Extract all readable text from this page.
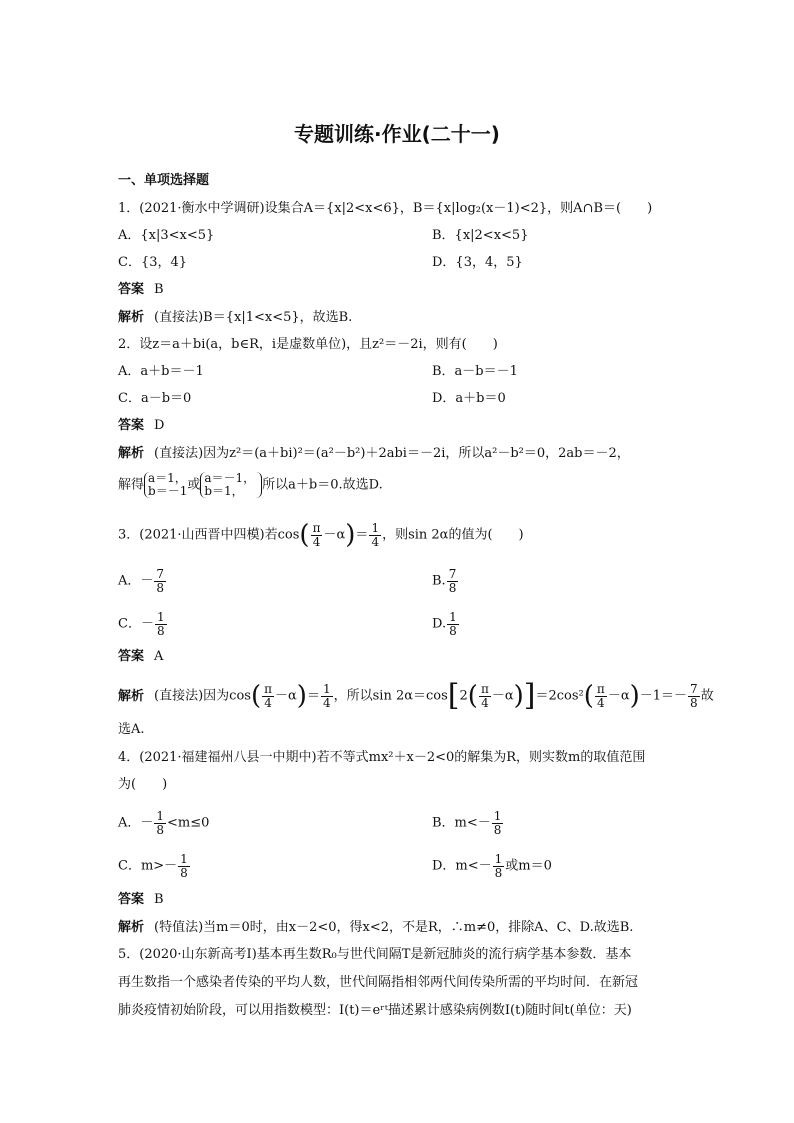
专题训练·作业(二十一)
一、单项选择题
1．(2021·衡水中学调研)设集合A＝{x|2<x<6}，B＝{x|log₂(x－1)<2}，则A∩B＝(　　)
A．{x|3<x<5}	B．{x|2<x<5}
C．{3，4}	D．{3，4，5}
答案 B
解析 (直接法)B＝{x|1<x<5}，故选B.
2．设z＝a＋bi(a，b∈R，i是虚数单位)，且z²＝－2i，则有(　　)
A．a＋b＝－1	B．a－b＝－1
C．a－b＝0	D．a＋b＝0
答案 D
解析 (直接法)因为z²＝(a＋bi)²＝(a²－b²)＋2abi＝－2i，所以a²－b²＝0，2ab＝－2，
解得 a＝1，
b＝－1或 a＝－1，
b＝1， 所以a＋b＝0.故选D.
3．(2021·山西晋中四模)若$\cos( \frac{\pi}{4} -\alpha)= \frac{1}{4}$ ，则sin 2α的值为(　　)
A．－ $\frac{7}{8}$	B. $\frac{7}{8}$
C．－ $\frac{1}{8}$	D. $\frac{1}{8}$
答案 A
解析 (直接法)因为$\cos( \frac{\pi}{4} -\alpha)= \frac{1}{4}$ ，所以$\sin 2\alpha=\cos[2( \frac{\pi}{4} -\alpha)]=2\cos^2( \frac{\pi}{4} -\alpha)-1=- \frac{7}{8}$ 故
选A.
4．(2021·福建福州八县一中期中)若不等式mx²＋x－2<0的解集为R，则实数m的取值范围
为(　　)
A．－ $\frac{1}{8} <m\le 0$	B．$m<- \frac{1}{8}$
C．$m>- \frac{1}{8}$	D．$m<- \frac{1}{8}$ 或m＝0
答案 B
解析 (特值法)当m＝0时，由x－2<0，得x<2，不是R，∴m≠0，排除A、C、D.故选B.
5．(2020·山东新高考Ⅰ)基本再生数R₀与世代间隔T是新冠肺炎的流行病学基本参数．基本
再生数指一个感染者传染的平均人数，世代间隔指相邻两代间传染所需的平均时间．在新冠
肺炎疫情初始阶段，可以用指数模型：I(t)＝eʳᵗ描述累计感染病例数I(t)随时间t(单位：天)
